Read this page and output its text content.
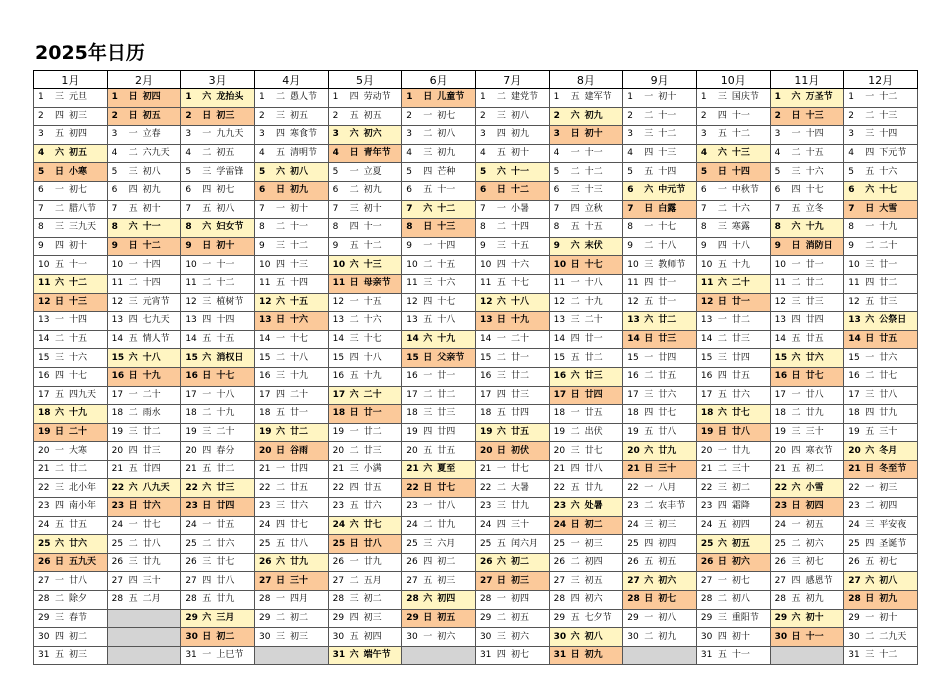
2025年日历
1月	2月	3月	4月	5月	6月	7月	8月	9月	10月	11月	12月
1 三 元旦	1 日 初四	1 六 龙抬头	1 二 愚人节	1 四 劳动节	1 日 儿童节	1 二 建党节	1 五 建军节	1 一 初十	1 三 国庆节	1 六 万圣节	1 一 十二
2 四 初三	2 日 初五	2 日 初三	2 三 初五	2 五 初五	2 一 初七	2 三 初八	2 六 初九	2 二 十一	2 四 十一	2 日 十三	2 二 十三
3 五 初四	3 一 立春	3 一 九九天	3 四 寒食节	3 六 初六	3 二 初八	3 四 初九	3 日 初十	3 三 十二	3 五 十二	3 一 十四	3 三 十四
4 六 初五	4 二 六九天	4 二 初五	4 五 清明节	4 日 青年节	4 三 初九	4 五 初十	4 一 十一	4 四 十三	4 六 十三	4 二 十五	4 四 下元节
5 日 小寒	5 三 初八	5 三 学雷锋	5 六 初八	5 一 立夏	5 四 芒种	5 六 十一	5 二 十二	5 五 十四	5 日 十四	5 三 十六	5 五 十六
6 一 初七	6 四 初九	6 四 初七	6 日 初九	6 二 初九	6 五 十一	6 日 十二	6 三 十三	6 六 中元节	6 一 中秋节	6 四 十七	6 六 十七
7 二 腊八节	7 五 初十	7 五 初八	7 一 初十	7 三 初十	7 六 十二	7 一 小暑	7 四 立秋	7 日 白露	7 二 十六	7 五 立冬	7 日 大雪
8 三 三九天	8 六 十一	8 六 妇女节	8 二 十一	8 四 十一	8 日 十三	8 二 十四	8 五 十五	8 一 十七	8 三 寒露	8 六 十九	8 一 十九
9 四 初十	9 日 十二	9 日 初十	9 三 十二	9 五 十二	9 一 十四	9 三 十五	9 六 末伏	9 二 十八	9 四 十八	9 日 消防日	9 二 二十
10 五 十一	10 一 十四	10 一 十一	10 四 十三	10 六 十三	10 二 十五	10 四 十六	10 日 十七	10 三 教师节	10 五 十九	10 一 廿一	10 三 廿一
11 六 十二	11 二 十四	11 二 十二	11 五 十四	11 日 母亲节	11 三 十六	11 五 十七	11 一 十八	11 四 廿一	11 六 二十	11 二 廿二	11 四 廿二
12 日 十三	12 三 元宵节	12 三 植树节	12 六 十五	12 一 十五	12 四 十七	12 六 十八	12 二 十九	12 五 廿一	12 日 廿一	12 三 廿三	12 五 廿三
13 一 十四	13 四 七九天	13 四 十四	13 日 十六	13 二 十六	13 五 十八	13 日 十九	13 三 二十	13 六 廿二	13 一 廿二	13 四 廿四	13 六 公祭日
14 二 十五	14 五 情人节	14 五 十五	14 一 十七	14 三 十七	14 六 十九	14 一 二十	14 四 廿一	14 日 廿三	14 二 廿三	14 五 廿五	14 日 廿五
15 三 十六	15 六 十八	15 六 消权日	15 二 十八	15 四 十八	15 日 父亲节	15 二 廿一	15 五 廿二	15 一 廿四	15 三 廿四	15 六 廿六	15 一 廿六
16 四 十七	16 日 十九	16 日 十七	16 三 十九	16 五 十九	16 一 廿一	16 三 廿二	16 六 廿三	16 二 廿五	16 四 廿五	16 日 廿七	16 二 廿七
17 五 四九天	17 一 二十	17 一 十八	17 四 二十	17 六 二十	17 二 廿二	17 四 廿三	17 日 廿四	17 三 廿六	17 五 廿六	17 一 廿八	17 三 廿八
18 六 十九	18 二 雨水	18 二 十九	18 五 廿一	18 日 廿一	18 三 廿三	18 五 廿四	18 一 廿五	18 四 廿七	18 六 廿七	18 二 廿九	18 四 廿九
19 日 二十	19 三 廿二	19 三 二十	19 六 廿二	19 一 廿二	19 四 廿四	19 六 廿五	19 二 出伏	19 五 廿八	19 日 廿八	19 三 三十	19 五 三十
20 一 大寒	20 四 廿三	20 四 春分	20 日 谷雨	20 二 廿三	20 五 廿五	20 日 初伏	20 三 廿七	20 六 廿九	20 一 廿九	20 四 寒衣节	20 六 冬月
21 二 廿二	21 五 廿四	21 五 廿二	21 一 廿四	21 三 小满	21 六 夏至	21 一 廿七	21 四 廿八	21 日 三十	21 二 三十	21 五 初二	21 日 冬至节
22 三 北小年	22 六 八九天	22 六 廿三	22 二 廿五	22 四 廿五	22 日 廿七	22 二 大暑	22 五 廿九	22 一 八月	22 三 初二	22 六 小雪	22 一 初三
23 四 南小年	23 日 廿六	23 日 廿四	23 三 廿六	23 五 廿六	23 一 廿八	23 三 廿九	23 六 处暑	23 二 农丰节	23 四 霜降	23 日 初四	23 二 初四
24 五 廿五	24 一 廿七	24 一 廿五	24 四 廿七	24 六 廿七	24 二 廿九	24 四 三十	24 日 初二	24 三 初三	24 五 初四	24 一 初五	24 三 平安夜
25 六 廿六	25 二 廿八	25 二 廿六	25 五 廿八	25 日 廿八	25 三 六月	25 五 闰六月	25 一 初三	25 四 初四	25 六 初五	25 二 初六	25 四 圣诞节
26 日 五九天	26 三 廿九	26 三 廿七	26 六 廿九	26 一 廿九	26 四 初二	26 六 初二	26 二 初四	26 五 初五	26 日 初六	26 三 初七	26 五 初七
27 一 廿八	27 四 三十	27 四 廿八	27 日 三十	27 二 五月	27 五 初三	27 日 初三	27 三 初五	27 六 初六	27 一 初七	27 四 感恩节	27 六 初八
28 二 除夕	28 五 二月	28 五 廿九	28 一 四月	28 三 初二	28 六 初四	28 一 初四	28 四 初六	28 日 初七	28 二 初八	28 五 初九	28 日 初九
29 三 春节		29 六 三月	29 二 初二	29 四 初三	29 日 初五	29 二 初五	29 五 七夕节	29 一 初八	29 三 重阳节	29 六 初十	29 一 初十
30 四 初二		30 日 初二	30 三 初三	30 五 初四	30 一 初六	30 三 初六	30 六 初八	30 二 初九	30 四 初十	30 日 十一	30 二 二九天
31 五 初三		31 一 上巳节		31 六 端午节		31 四 初七	31 日 初九		31 五 十一		31 三 十二
